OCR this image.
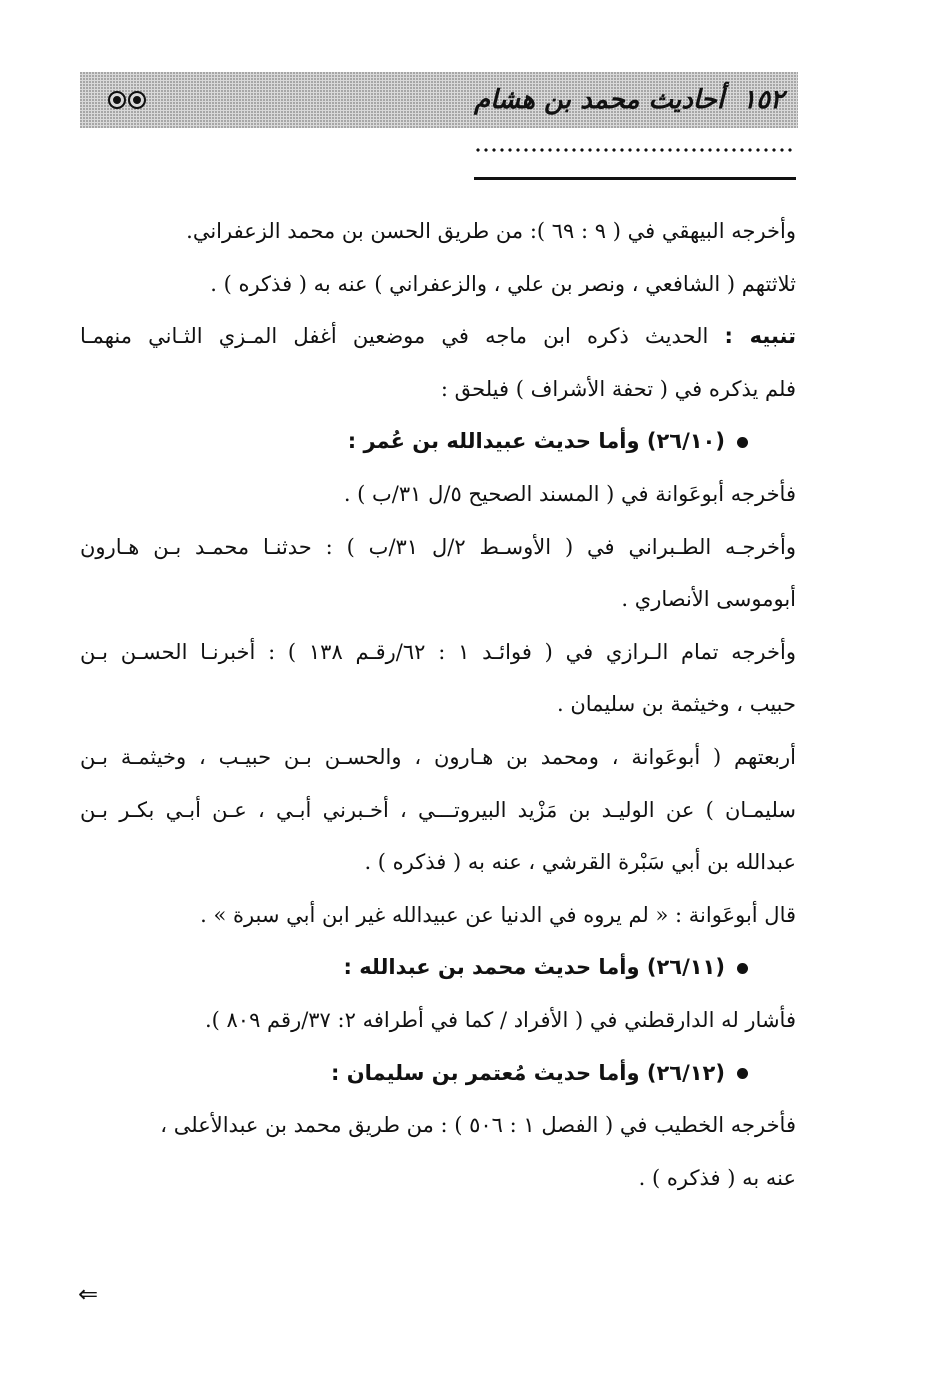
١٥٢
أحاديث محمد بن هشام
وأخرجه البيهقي في ( ٩ : ٦٩ ): من طريق الحسن بن محمد الزعفراني.
ثلاثتهم ( الشافعي ، ونصر بن علي ، والزعفراني ) عنه به ( فذكره ) .
تنبيه : الحديث ذكره ابن ماجه في موضعين أغفل المـزي الثـاني منهمـا
فلم يذكره في ( تحفة الأشراف ) فيلحق :
(٢٦/١٠) وأما حديث عبيدالله بن عُمر :
فأخرجه أبوعَوانة في ( المسند الصحيح ٥/ل ٣١/ب ) .
وأخرجـه الطـبراني في ( الأوسـط ٢/ل ٣١/ب ) : حدثنـا محمـد بـن هـارون
أبوموسى الأنصاري .
وأخرجه تمام الـرازي في ( فوائـد ١ : ٦٢/رقـم ١٣٨ ) : أخبرنـا الحسـن بـن
حبيب ، وخيثمة بن سليمان .
أربعتهم ( أبوعَوانة ، ومحمد بن هـارون ، والحسـن بـن حبيـب ، وخيثمـة بـن
سليمـان ) عن الوليـد بن مَزْيد البيروتـــي ، أخـبرني أبـي ، عـن أبـي بكـر بـن
عبدالله بن أبي سَبْرة القرشي ، عنه به ( فذكره ) .
قال أبوعَوانة : « لم يروه في الدنيا عن عبيدالله غير ابن أبي سبرة » .
(٢٦/١١) وأما حديث محمد بن عبدالله :
فأشار له الدارقطني في ( الأفراد / كما في أطرافه ٢: ٣٧/رقم ٨٠٩ ).
(٢٦/١٢) وأما حديث مُعتمر بن سليمان :
فأخرجه الخطيب في ( الفصل ١ : ٥٠٦ ) : من طريق محمد بن عبدالأعلى ،
عنه به ( فذكره ) .
⇐
